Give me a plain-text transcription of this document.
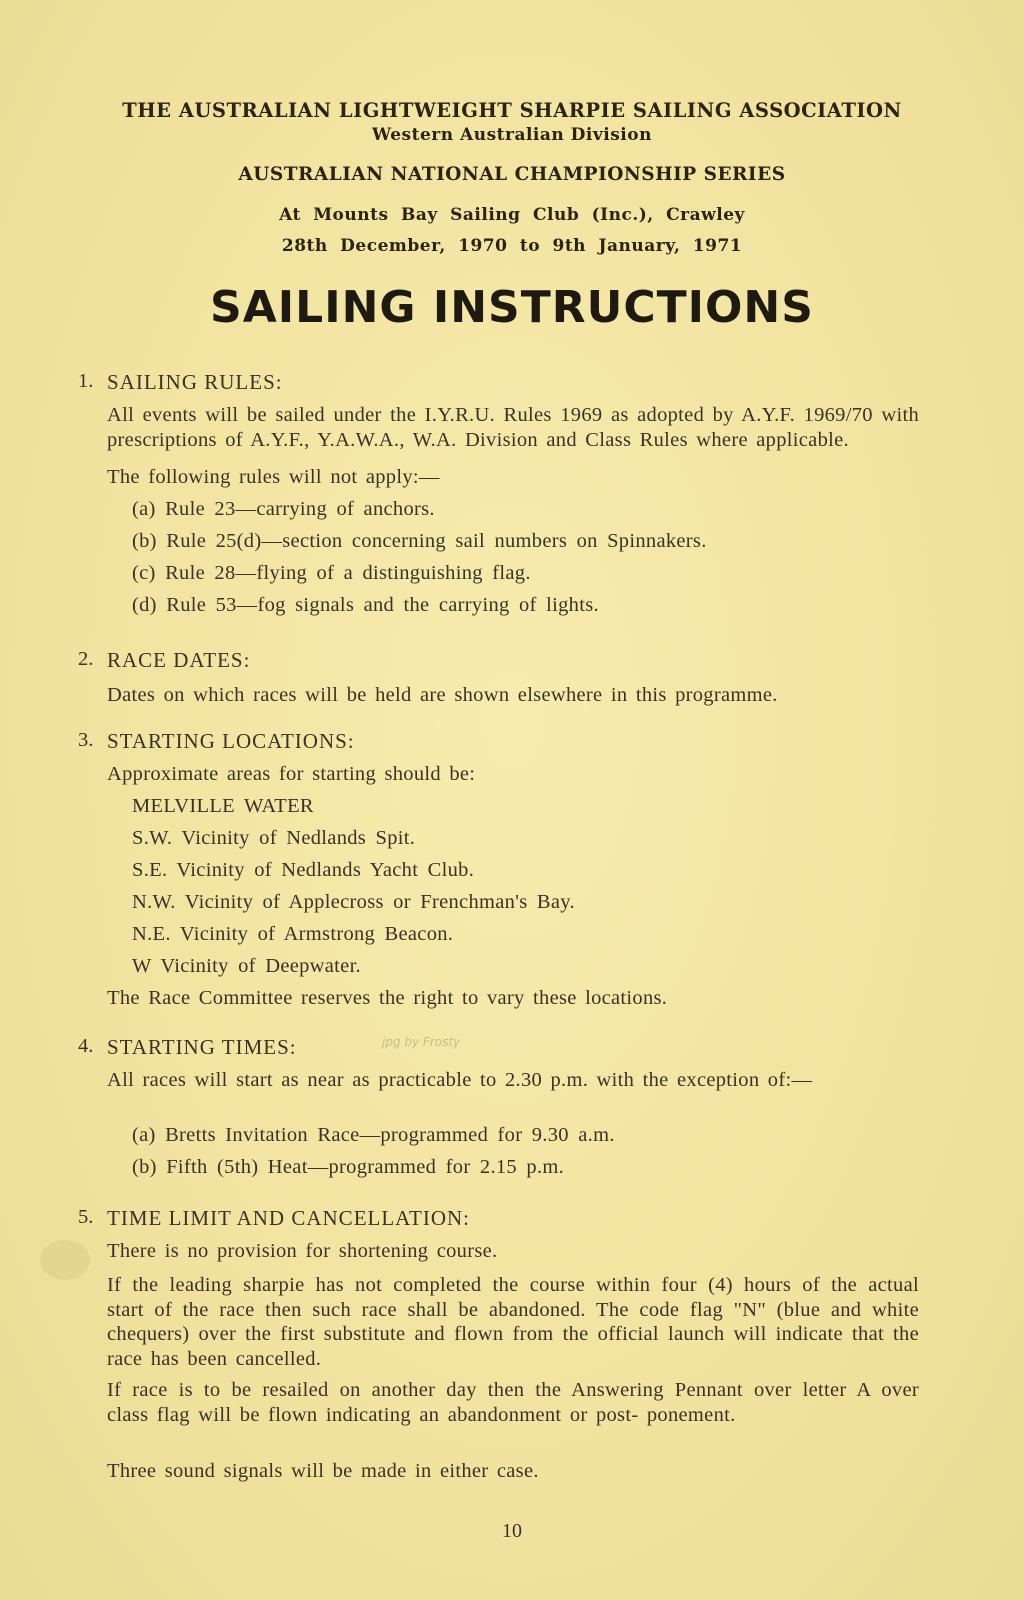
THE AUSTRALIAN LIGHTWEIGHT SHARPIE SAILING ASSOCIATION
Western Australian Division
AUSTRALIAN NATIONAL CHAMPIONSHIP SERIES
At Mounts Bay Sailing Club (Inc.), Crawley
28th December, 1970 to 9th January, 1971
SAILING INSTRUCTIONS
1. SAILING RULES:
All events will be sailed under the I.Y.R.U. Rules 1969 as adopted by A.Y.F. 1969/70 with prescriptions of A.Y.F., Y.A.W.A., W.A. Division and Class Rules where applicable.
The following rules will not apply:—
(a) Rule 23—carrying of anchors.
(b) Rule 25(d)—section concerning sail numbers on Spinnakers.
(c) Rule 28—flying of a distinguishing flag.
(d) Rule 53—fog signals and the carrying of lights.
2. RACE DATES:
Dates on which races will be held are shown elsewhere in this programme.
3. STARTING LOCATIONS:
Approximate areas for starting should be:
MELVILLE WATER
S.W. Vicinity of Nedlands Spit.
S.E. Vicinity of Nedlands Yacht Club.
N.W. Vicinity of Applecross or Frenchman's Bay.
N.E. Vicinity of Armstrong Beacon.
W Vicinity of Deepwater.
The Race Committee reserves the right to vary these locations.
4. STARTING TIMES:	jpg by Frosty
All races will start as near as practicable to 2.30 p.m. with the exception of:—
(a) Bretts Invitation Race—programmed for 9.30 a.m.
(b) Fifth (5th) Heat—programmed for 2.15 p.m.
5. TIME LIMIT AND CANCELLATION:
There is no provision for shortening course.
If the leading sharpie has not completed the course within four (4) hours of the actual start of the race then such race shall be abandoned. The code flag "N" (blue and white chequers) over the first substitute and flown from the official launch will indicate that the race has been cancelled.
If race is to be resailed on another day then the Answering Pennant over letter A over class flag will be flown indicating an abandonment or post- ponement.
Three sound signals will be made in either case.
10
